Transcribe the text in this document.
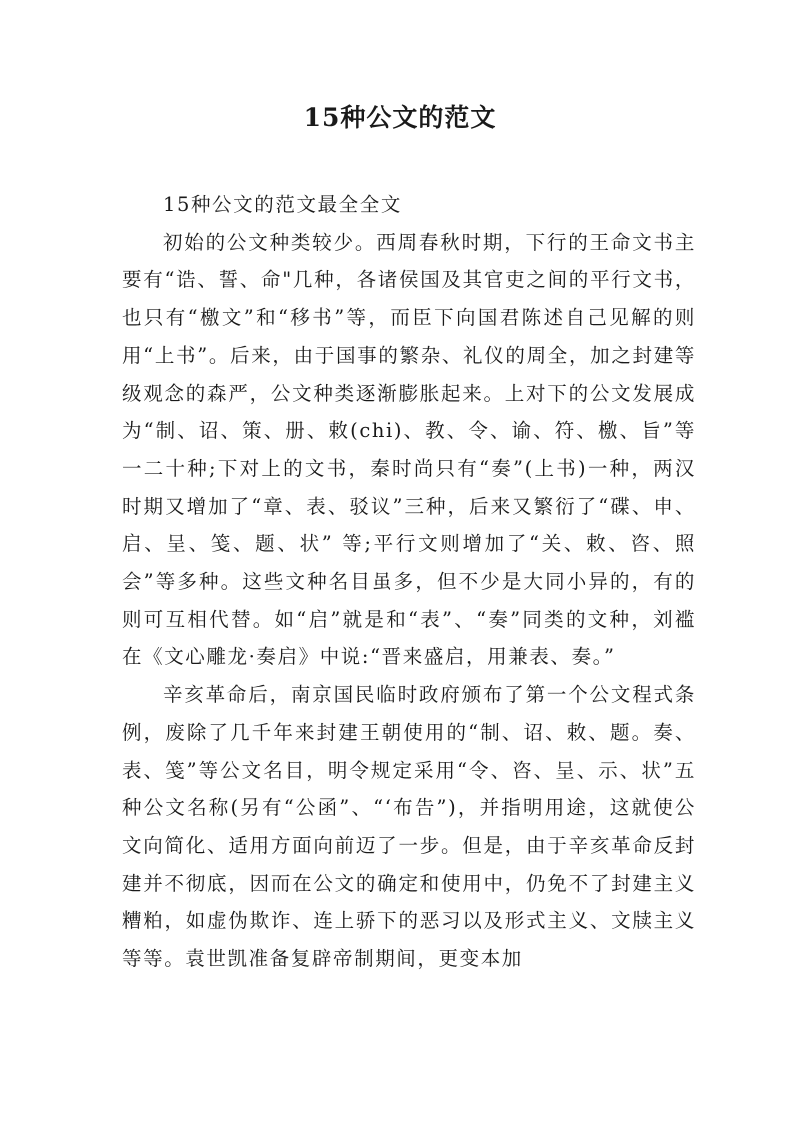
15种公文的范文

15种公文的范文最全全文

初始的公文种类较少。西周春秋时期，下行的王命文书主要有“诰、誓、命"几种，各诸侯国及其官吏之间的平行文书，也只有“檄文”和“移书”等，而臣下向国君陈述自己见解的则用“上书”。后来，由于国事的繁杂、礼仪的周全，加之封建等级观念的森严，公文种类逐渐膨胀起来。上对下的公文发展成为“制、诏、策、册、敕(chi)、教、令、谕、符、檄、旨”等一二十种;下对上的文书，秦时尚只有“奏”(上书)一种，两汉时期又增加了“章、表、驳议”三种，后来又繁衍了“碟、申、启、呈、笺、题、状” 等;平行文则增加了“关、敕、咨、照会”等多种。这些文种名目虽多，但不少是大同小异的，有的则可互相代替。如“启”就是和“表”、“奏”同类的文种，刘褴在《文心雕龙·奏启》中说:“晋来盛启，用兼表、奏。”

辛亥革命后，南京国民临时政府颁布了第一个公文程式条例，废除了几千年来封建王朝使用的“制、诏、敕、题。奏、表、笺”等公文名目，明令规定采用“令、咨、呈、示、状”五种公文名称(另有“公函”、“‘布告”)，并指明用途，这就使公文向简化、适用方面向前迈了一步。但是，由于辛亥革命反封建并不彻底，因而在公文的确定和使用中，仍免不了封建主义糟粕，如虚伪欺诈、连上骄下的恶习以及形式主义、文牍主义等等。袁世凯准备复辟帝制期间，更变本加
